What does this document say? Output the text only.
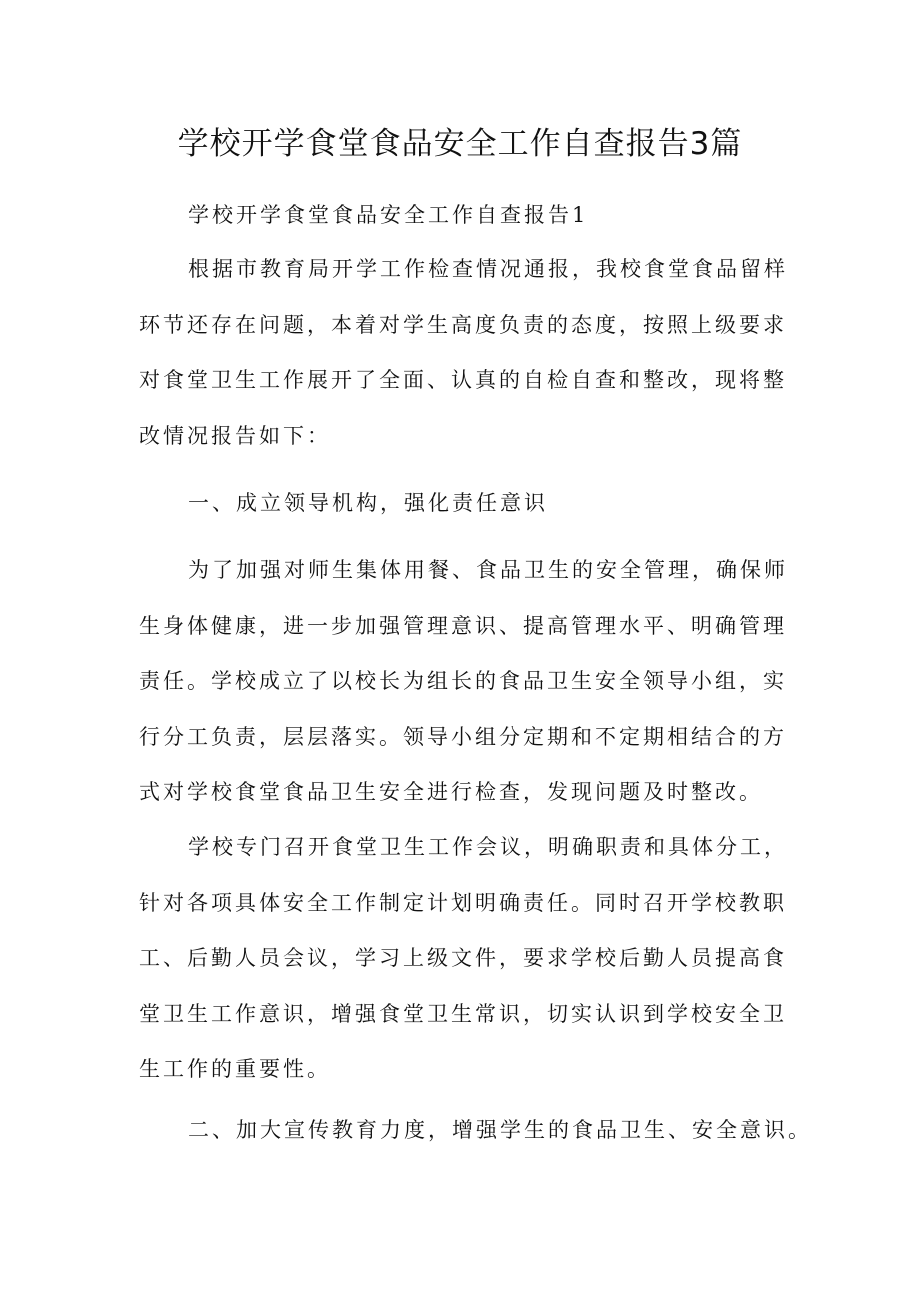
学校开学食堂食品安全工作自查报告3篇

学校开学食堂食品安全工作自查报告1

根据市教育局开学工作检查情况通报，我校食堂食品留样环节还存在问题，本着对学生高度负责的态度，按照上级要求对食堂卫生工作展开了全面、认真的自检自查和整改，现将整改情况报告如下：

一、成立领导机构，强化责任意识

为了加强对师生集体用餐、食品卫生的安全管理，确保师生身体健康，进一步加强管理意识、提高管理水平、明确管理责任。学校成立了以校长为组长的食品卫生安全领导小组，实行分工负责，层层落实。领导小组分定期和不定期相结合的方式对学校食堂食品卫生安全进行检查，发现问题及时整改。

学校专门召开食堂卫生工作会议，明确职责和具体分工，针对各项具体安全工作制定计划明确责任。同时召开学校教职工、后勤人员会议，学习上级文件，要求学校后勤人员提高食堂卫生工作意识，增强食堂卫生常识，切实认识到学校安全卫生工作的重要性。

二、加大宣传教育力度，增强学生的食品卫生、安全意识。
